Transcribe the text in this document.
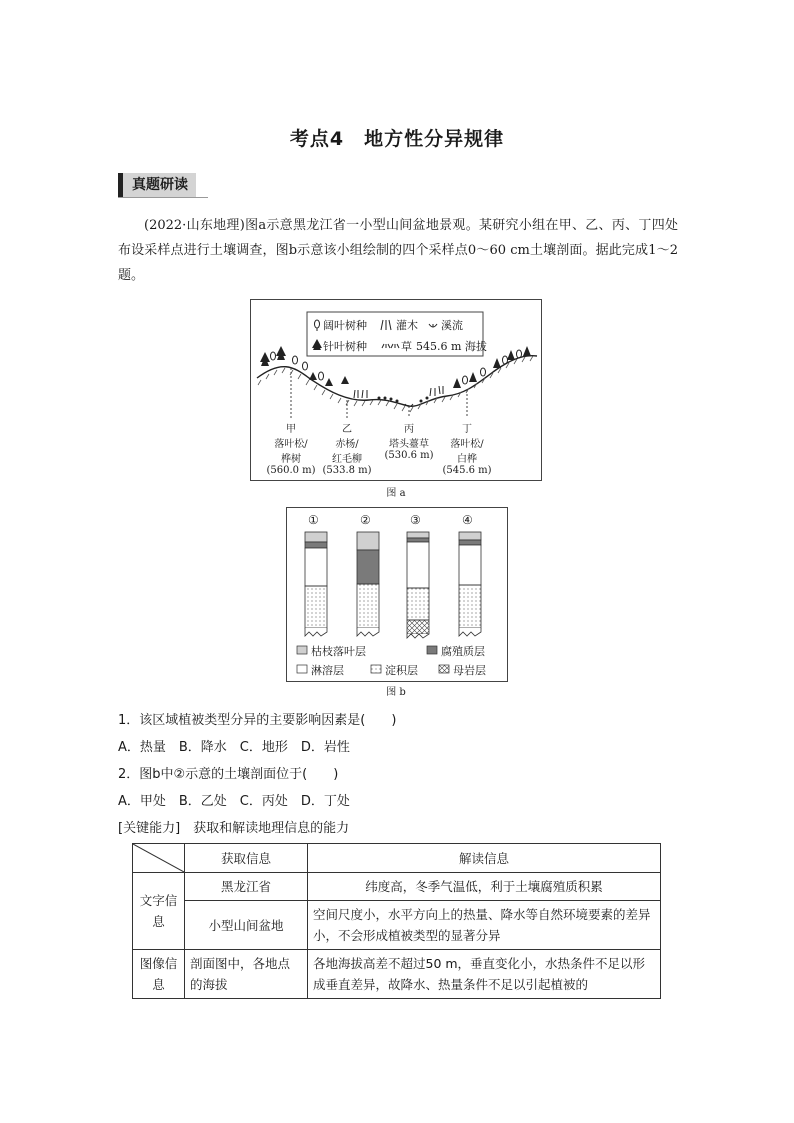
考点4　地方性分异规律
真题研读
(2022·山东地理)图a示意黑龙江省一小型山间盆地景观。某研究小组在甲、乙、丙、丁四处布设采样点进行土壤调查，图b示意该小组绘制的四个采样点0～60 cm土壤剖面。据此完成1～2题。
阔叶树种	灌木 溪流
针叶树种	草 545.6 m 海拔
甲
落叶松/
桦树
(560.0 m)
乙
赤杨/
红毛柳
(533.8 m)
丙
塔头薹草
(530.6 m)
丁
落叶松/
白桦
(545.6 m)
图 a
①	②	③	④
枯枝落叶层	腐殖质层
淋溶层	淀积层	母岩层
图 b
1．该区域植被类型分异的主要影响因素是(　　)
A．热量　B．降水　C．地形　D．岩性
2．图b中②示意的土壤剖面位于(　　)
A．甲处　B．乙处　C．丙处　D．丁处
[关键能力]　获取和解读地理信息的能力
	获取信息	解读信息
文字信息	黑龙江省	纬度高，冬季气温低，利于土壤腐殖质积累
	小型山间盆地	空间尺度小，水平方向上的热量、降水等自然环境要素的差异小，不会形成植被类型的显著分异
图像信息	剖面图中，各地点的海拔	各地海拔高差不超过50 m，垂直变化小，水热条件不足以形成垂直差异，故降水、热量条件不足以引起植被的
